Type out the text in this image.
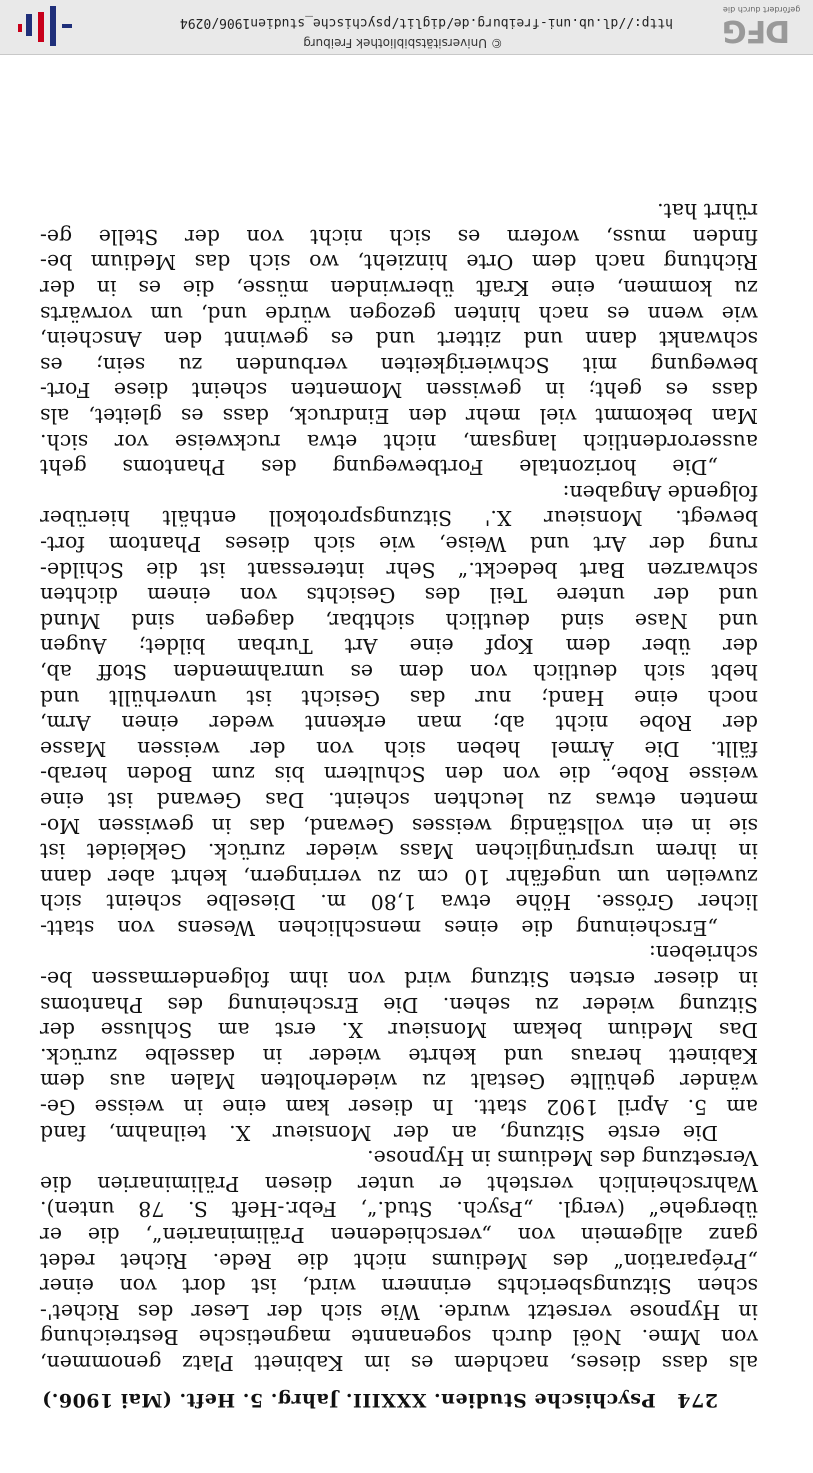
274 Psychische Studien. XXXIII. Jahrg. 5. Heft. (Mai 1906.)
als dass dieses, nachdem es im Kabinett Platz genommen,
von Mme. Noël durch sogenannte magnetische Bestreichung
in Hypnose versetzt wurde. Wie sich der Leser des Richet'-
schen Sitzungsberichts erinnern wird, ist dort von einer
„Préparation“ des Mediums nicht die Rede. Richet redet
ganz allgemein von „verschiedenen Präliminarien“, die er
übergehe“ (vergl. „Psych. Stud.“, Febr.-Heft S. 78 unten).
Wahrscheinlich versteht er unter diesen Präliminarien die
Versetzung des Mediums in Hypnose.
Die erste Sitzung, an der Monsieur X. teilnahm, fand
am 5. April 1902 statt. In dieser kam eine in weisse Ge-
wänder gehüllte Gestalt zu wiederholten Malen aus dem
Kabinett heraus und kehrte wieder in dasselbe zurück.
Das Medium bekam Monsieur X. erst am Schlusse der
Sitzung wieder zu sehen. Die Erscheinung des Phantoms
in dieser ersten Sitzung wird von ihm folgendermassen be-
schrieben:
„Erscheinung die eines menschlichen Wesens von statt-
licher Grösse. Höhe etwa 1,80 m. Dieselbe scheint sich
zuweilen um ungefähr 10 cm zu verringern, kehrt aber dann
in ihrem ursprünglichen Mass wieder zurück. Gekleidet ist
sie in ein vollständig weisses Gewand, das in gewissen Mo-
menten etwas zu leuchten scheint. Das Gewand ist eine
weisse Robe, die von den Schultern bis zum Boden herab-
fällt. Die Ärmel heben sich von der weissen Masse
der Robe nicht ab; man erkennt weder einen Arm,
noch eine Hand; nur das Gesicht ist unverhüllt und
hebt sich deutlich von dem es umrahmenden Stoff ab,
der über dem Kopf eine Art Turban bildet; Augen
und Nase sind deutlich sichtbar, dagegen sind Mund
und der untere Teil des Gesichts von einem dichten
schwarzen Bart bedeckt.“ Sehr interessant ist die Schilde-
rung der Art und Weise, wie sich dieses Phantom fort-
bewegt. Monsieur X.' Sitzungsprotokoll enthält hierüber
folgende Angaben:
„Die horizontale Fortbewegung des Phantoms geht
ausserordentlich langsam, nicht etwa ruckweise vor sich.
Man bekommt viel mehr den Eindruck, dass es gleitet, als
dass es geht; in gewissen Momenten scheint diese Fort-
bewegung mit Schwierigkeiten verbunden zu sein; es
schwankt dann und zittert und es gewinnt den Anschein,
wie wenn es nach hinten gezogen würde und, um vorwärts
zu kommen, eine Kraft überwinden müsse, die es in der
Richtung nach dem Orte hinzieht, wo sich das Medium be-
finden muss, wofern es sich nicht von der Stelle ge-
rührt hat.
DFG
gefördert durch die
© Universitätsbibliothek Freiburg
http://dl.ub.uni-freiburg.de/diglit/psychische_studien1906/0294
